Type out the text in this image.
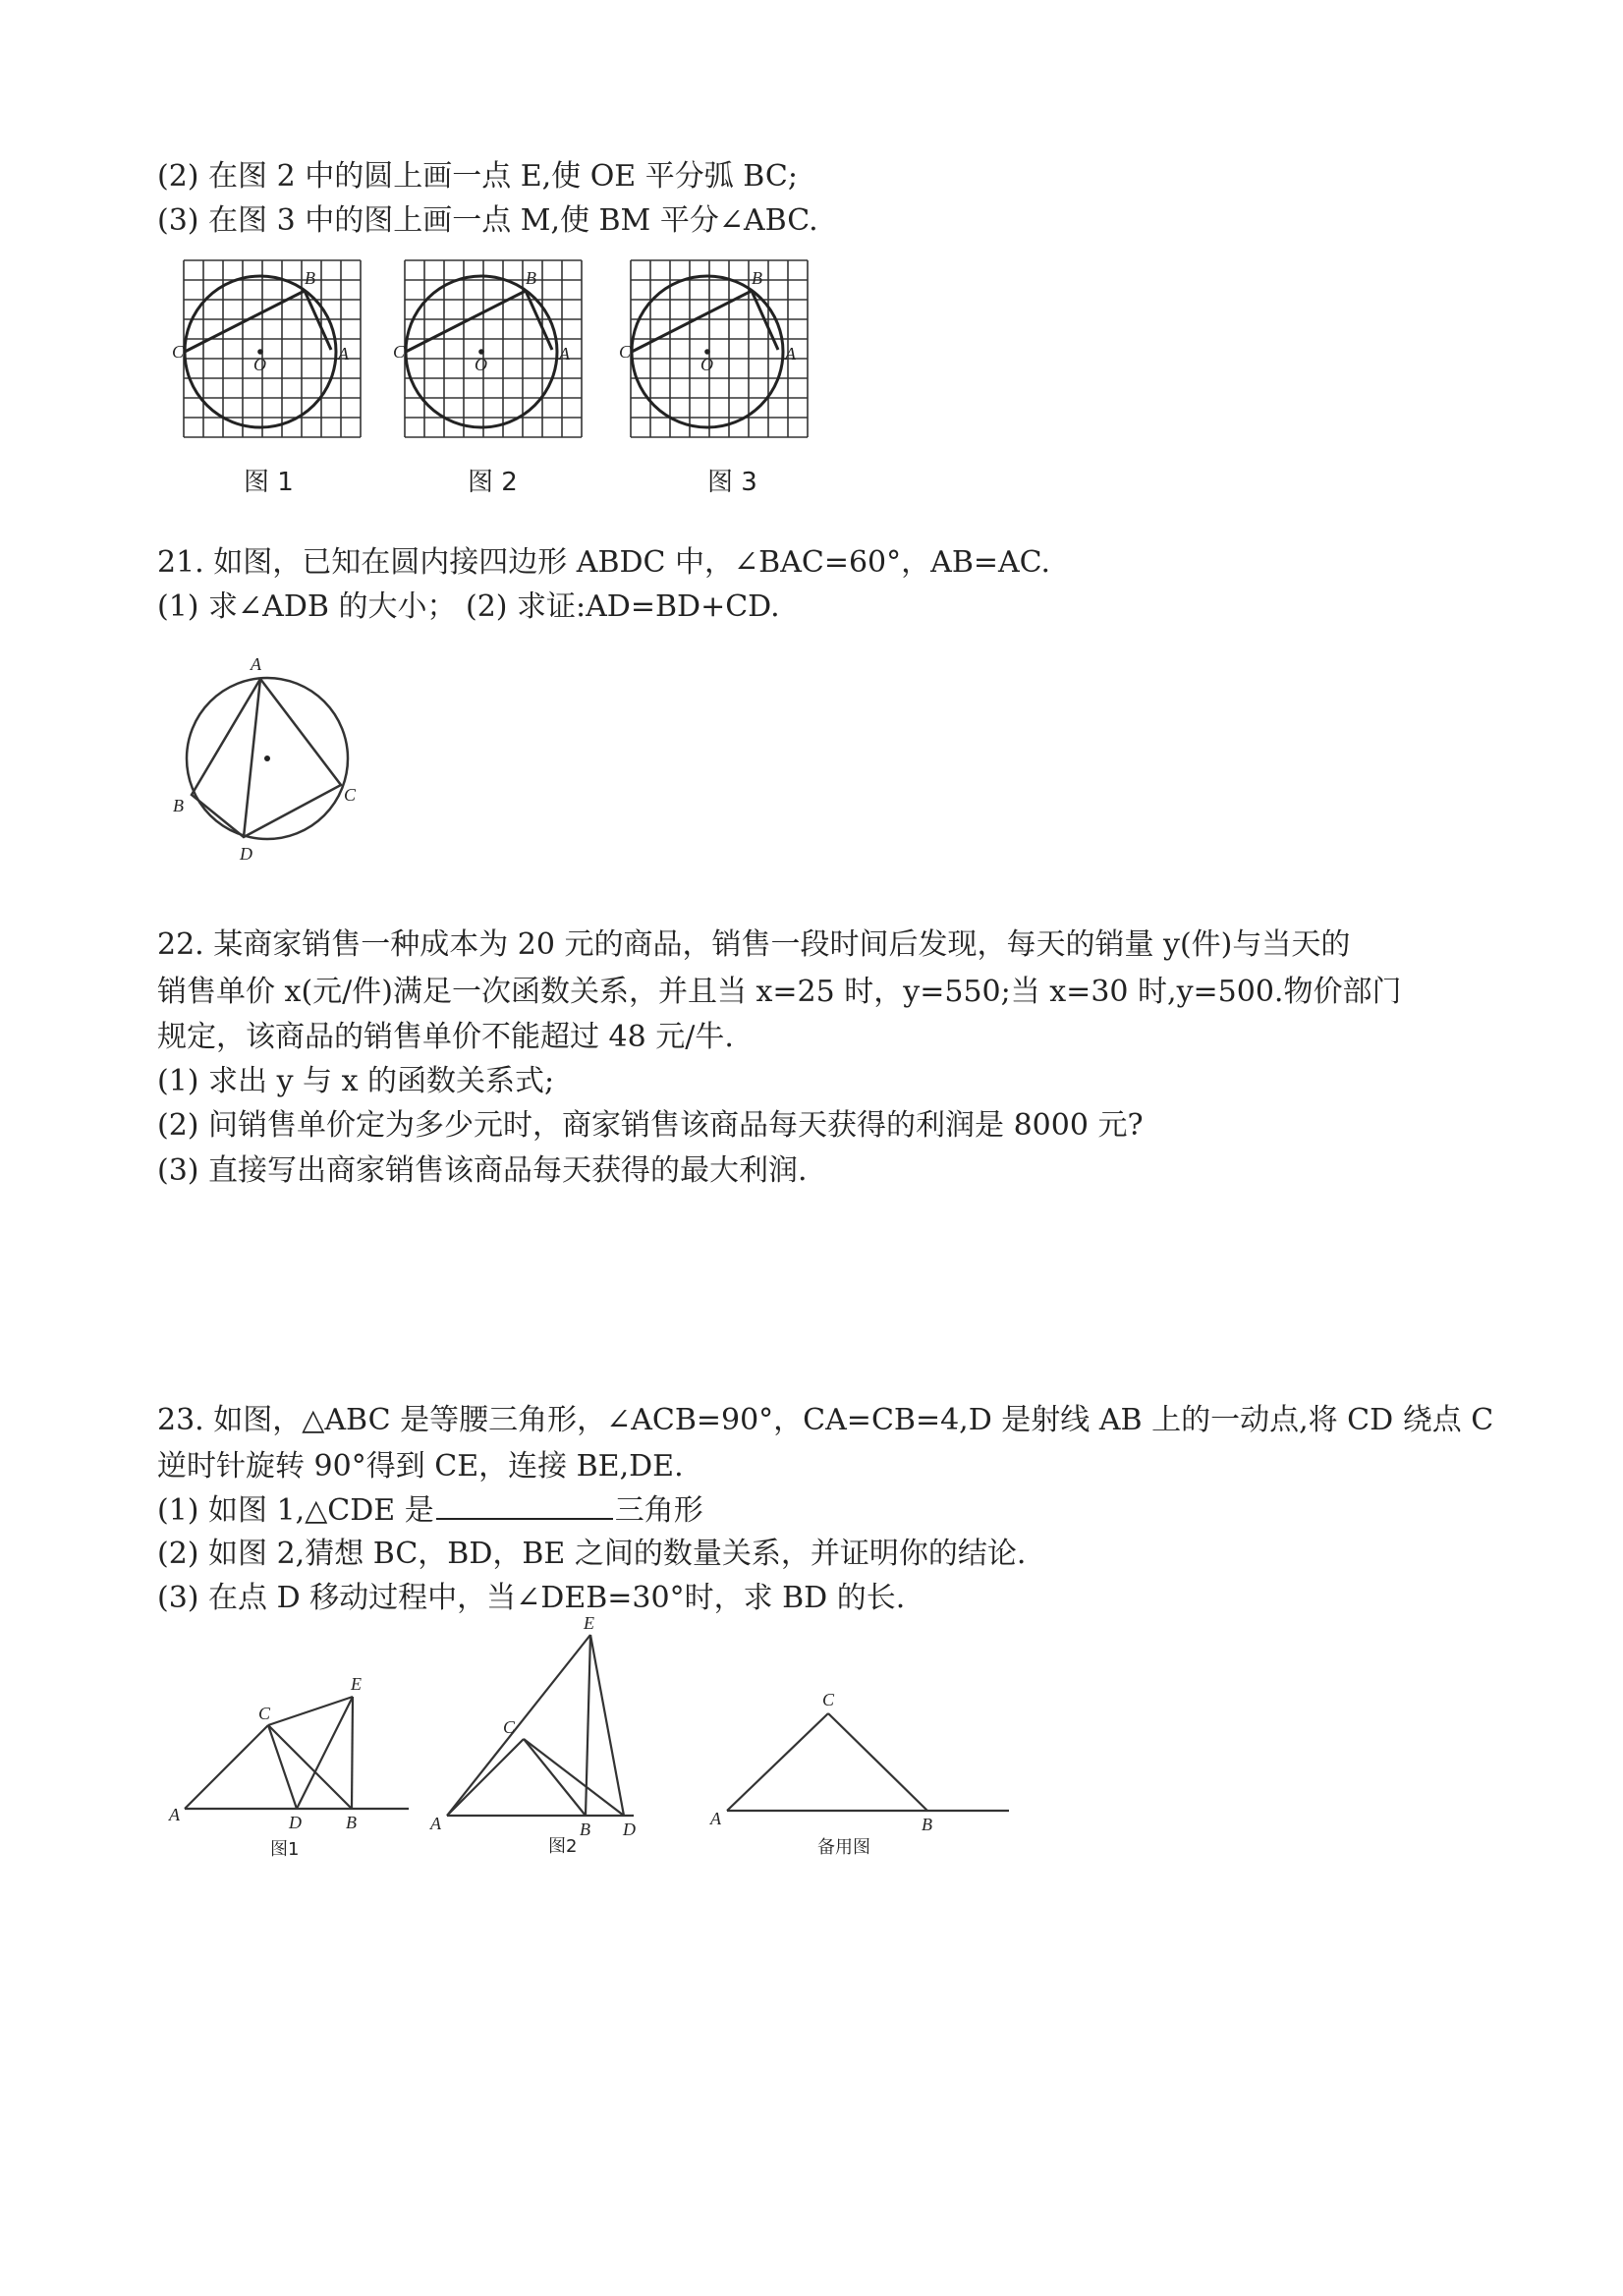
(2) 在图 2 中的圆上画一点 E,使 OE 平分弧 BC;
(3) 在图 3 中的图上画一点 M,使 BM 平分∠ABC.
C
B
A
O
C
B
A
O
C
B
A
O
图 1	图 2	图 3
21. 如图，已知在圆内接四边形 ABDC 中，∠BAC=60°，AB=AC.
(1) 求∠ADB 的大小； (2) 求证:AD=BD+CD.
A
B
C
D
22. 某商家销售一种成本为 20 元的商品，销售一段时间后发现，每天的销量 y(件)与当天的
销售单价 x(元/件)满足一次函数关系，并且当 x=25 时，y=550;当 x=30 时,y=500.物价部门
规定，该商品的销售单价不能超过 48 元/牛.
(1) 求出 y 与 x 的函数关系式;
(2) 问销售单价定为多少元时，商家销售该商品每天获得的利润是 8000 元?
(3) 直接写出商家销售该商品每天获得的最大利润.
23. 如图，△ABC 是等腰三角形，∠ACB=90°，CA=CB=4,D 是射线 AB 上的一动点,将 CD 绕点 C
逆时针旋转 90°得到 CE，连接 BE,DE.
(1) 如图 1,△CDE 是	三角形
(2) 如图 2,猜想 BC，BD，BE 之间的数量关系，并证明你的结论.
(3) 在点 D 移动过程中，当∠DEB=30°时，求 BD 的长.
A
C
E
D	B
图1
A
C
E
B D
图2
A
C
B
备用图
